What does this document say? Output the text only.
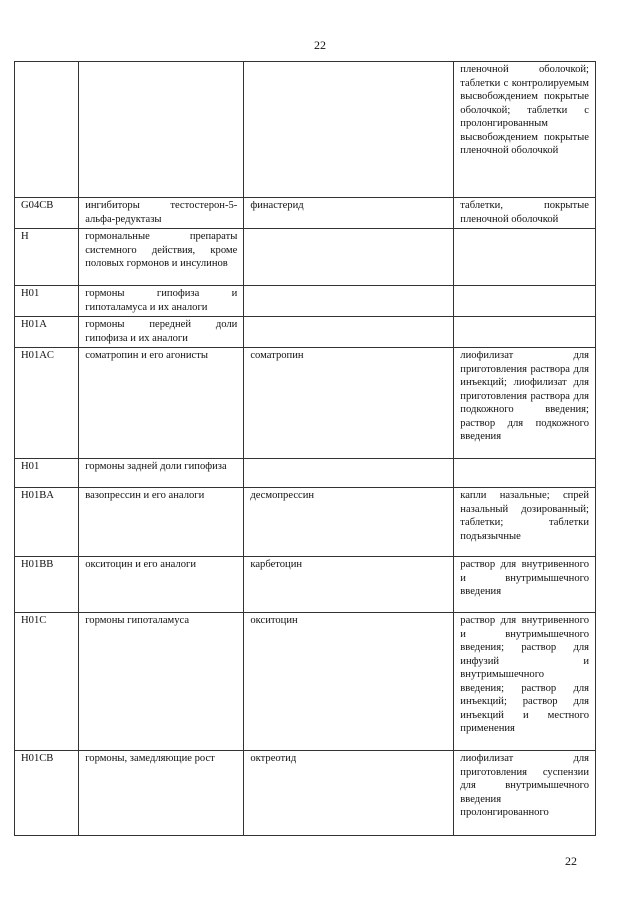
22
			пленочной оболочкой; таблетки с контролируемым высвобождением покрытые оболочкой; таблетки с пролонгированным высвобождением покрытые пленочной оболочкой
G04CB	ингибиторы тестостерон-5-альфа-редуктазы	финастерид	таблетки, покрытые пленочной оболочкой
H	гормональные препараты системного действия, кроме половых гормонов и инсулинов		
H01	гормоны гипофиза и гипоталамуса и их аналоги		
H01A	гормоны передней доли гипофиза и их аналоги		
H01AC	соматропин и его агонисты	соматропин	лиофилизат для приготовления раствора для инъекций; лиофилизат для приготовления раствора для подкожного введения; раствор для подкожного введения
H01	гормоны задней доли гипофиза		
H01BA	вазопрессин и его аналоги	десмопрессин	капли назальные; спрей назальный дозированный; таблетки; таблетки подъязычные
H01BB	окситоцин и его аналоги	карбетоцин	раствор для внутривенного и внутримышечного введения
H01C	гормоны гипоталамуса	окситоцин	раствор для внутривенного и внутримышечного введения; раствор для инфузий и внутримышечного введения; раствор для инъекций; раствор для инъекций и местного применения
H01CB	гормоны, замедляющие рост	октреотид	лиофилизат для приготовления суспензии для внутримышечного введения пролонгированного
22
